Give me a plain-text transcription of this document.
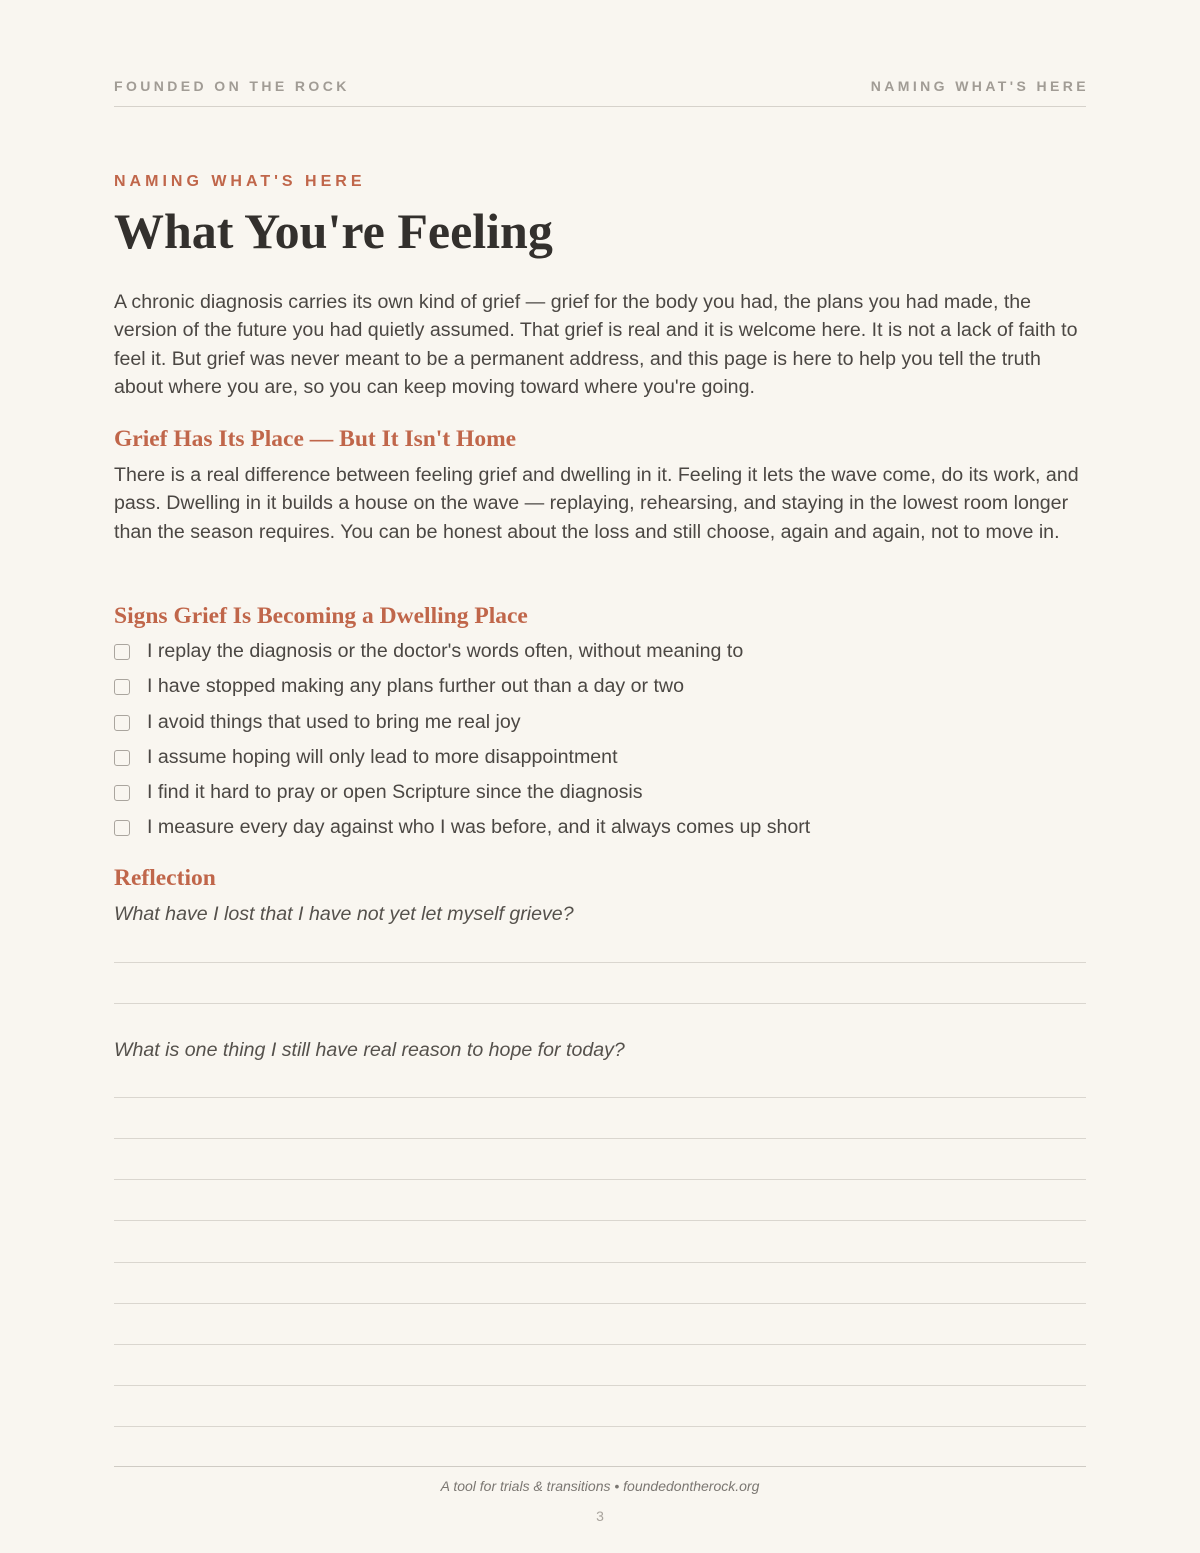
FOUNDED ON THE ROCK	NAMING WHAT'S HERE
NAMING WHAT'S HERE
What You're Feeling

A chronic diagnosis carries its own kind of grief — grief for the body you had, the plans you had made, the version of the future you had quietly assumed. That grief is real and it is welcome here. It is not a lack of faith to feel it. But grief was never meant to be a permanent address, and this page is here to help you tell the truth about where you are, so you can keep moving toward where you're going.

Grief Has Its Place — But It Isn't Home

There is a real difference between feeling grief and dwelling in it. Feeling it lets the wave come, do its work, and pass. Dwelling in it builds a house on the wave — replaying, rehearsing, and staying in the lowest room longer than the season requires. You can be honest about the loss and still choose, again and again, not to move in.

Signs Grief Is Becoming a Dwelling Place
I replay the diagnosis or the doctor's words often, without meaning to
I have stopped making any plans further out than a day or two
I avoid things that used to bring me real joy
I assume hoping will only lead to more disappointment
I find it hard to pray or open Scripture since the diagnosis
I measure every day against who I was before, and it always comes up short
Reflection

What have I lost that I have not yet let myself grieve?

What is one thing I still have real reason to hope for today?

A tool for trials & transitions • foundedontherock.org
3
